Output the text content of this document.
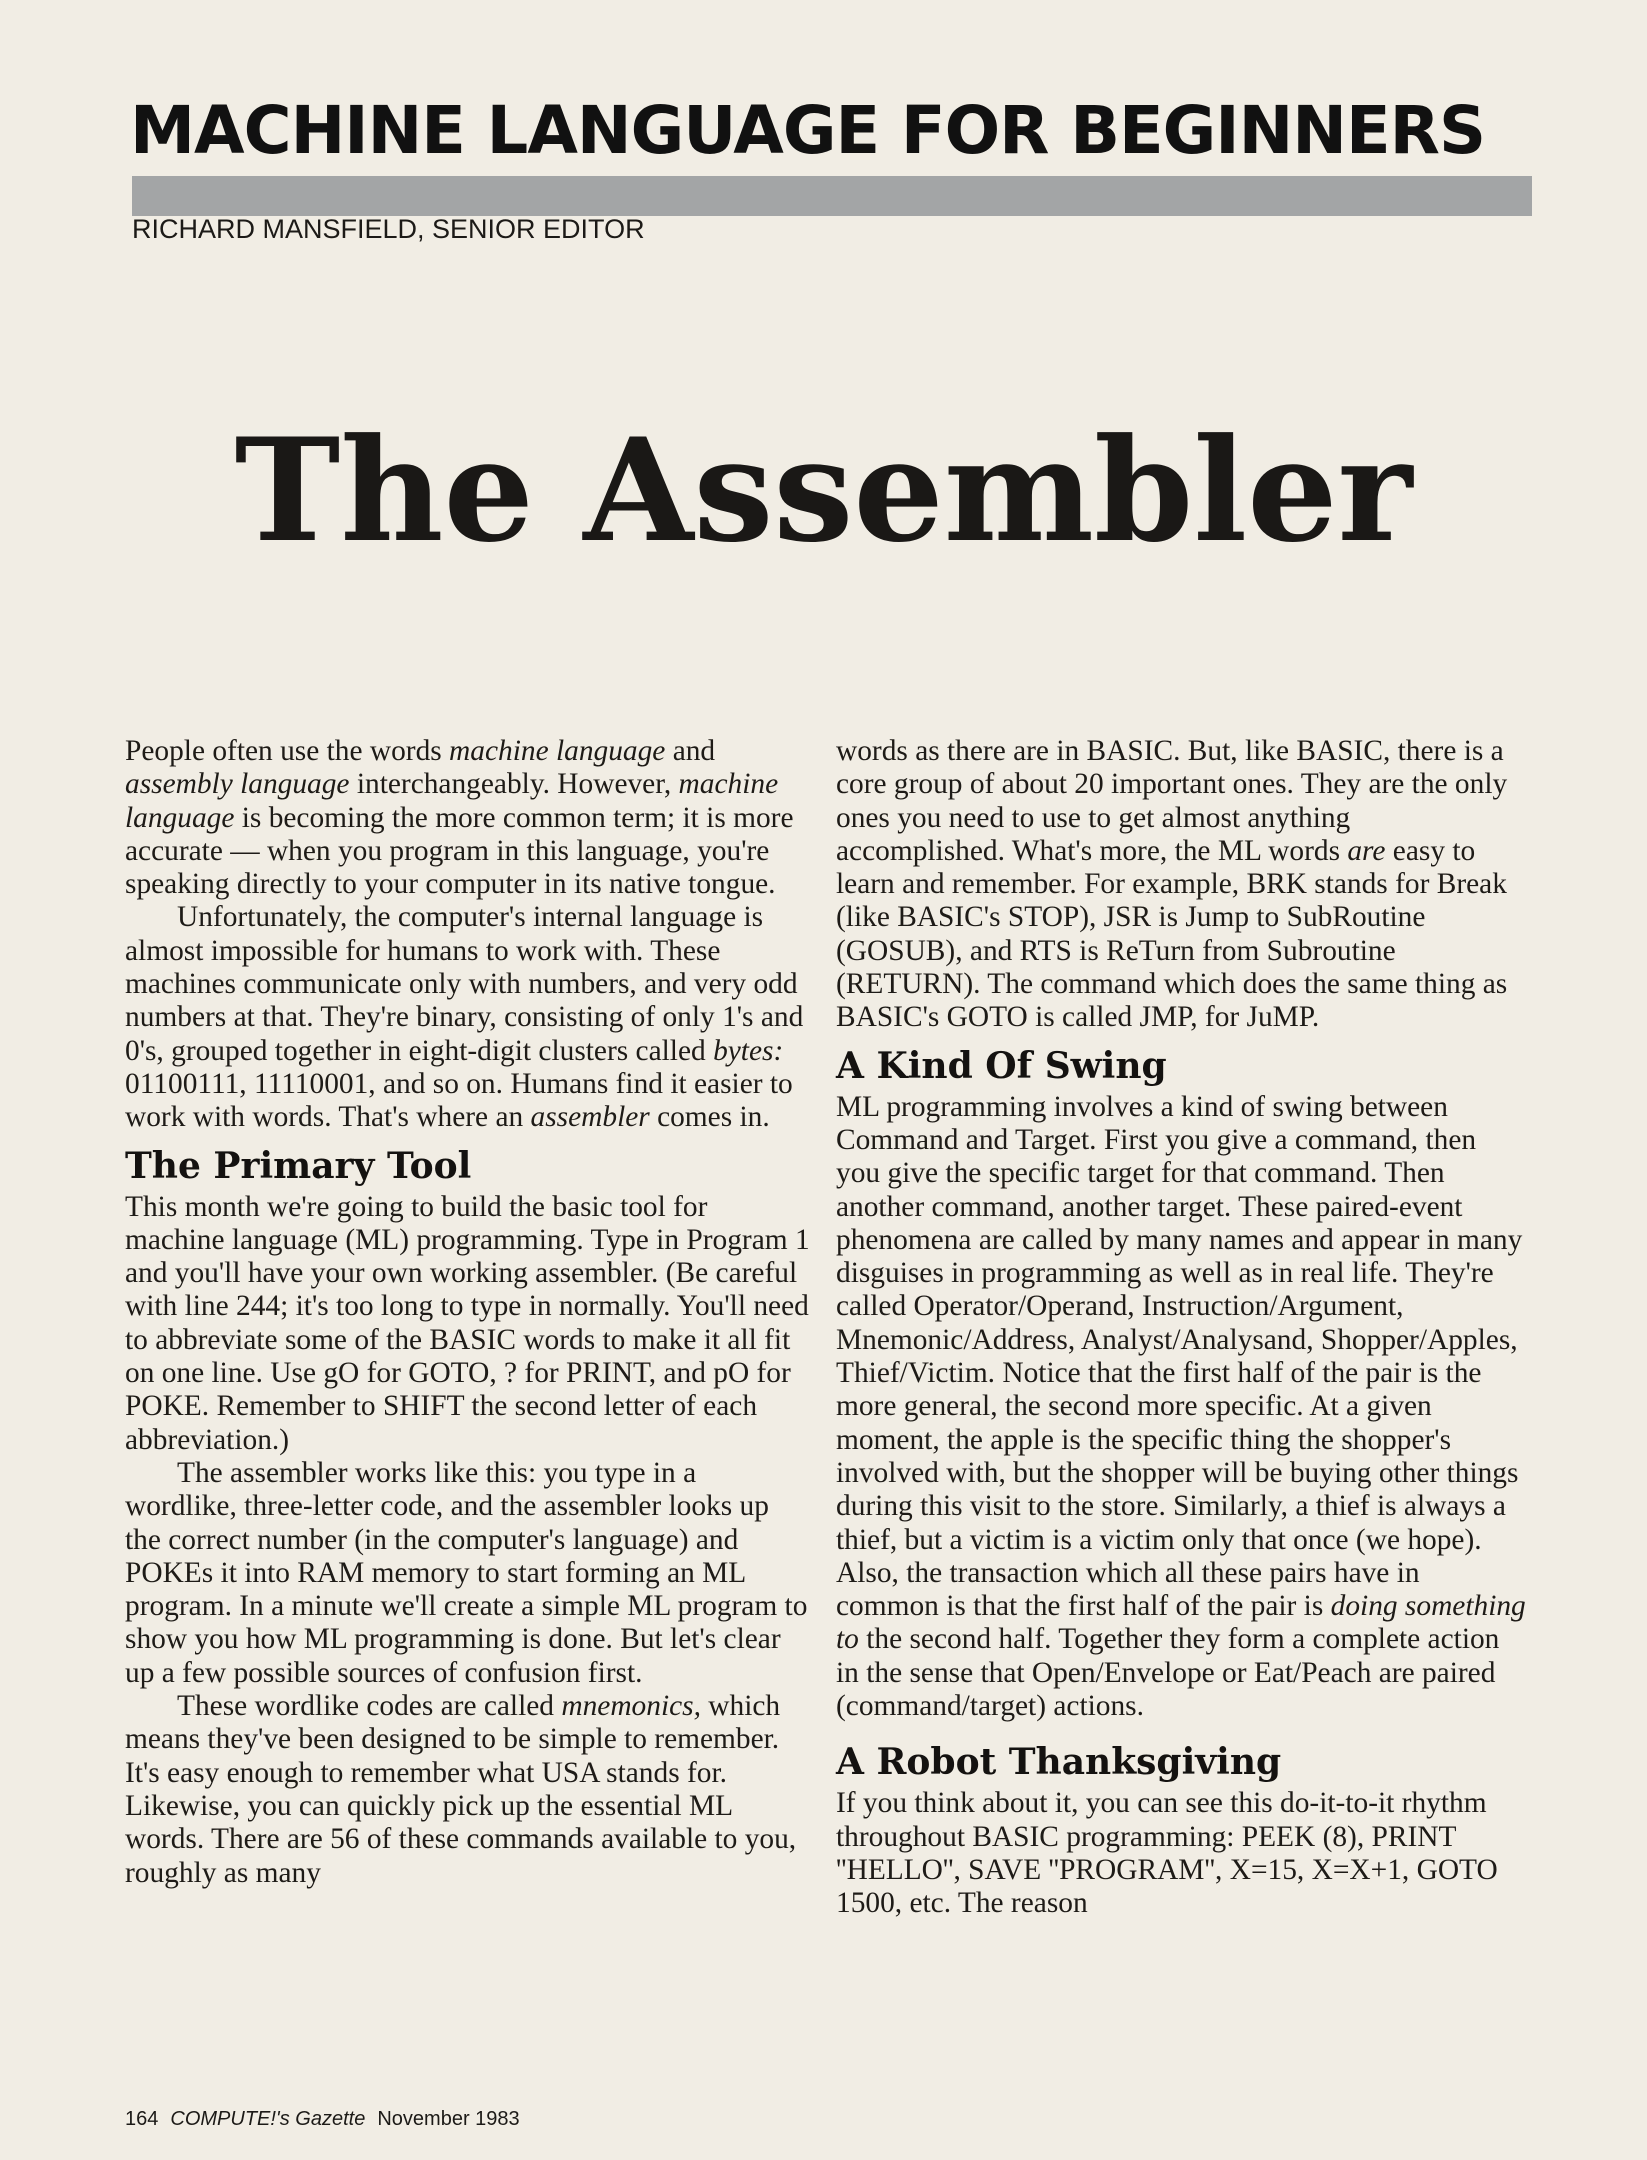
MACHINE LANGUAGE FOR BEGINNERS
RICHARD MANSFIELD, SENIOR EDITOR
The Assembler

People often use the words machine language and assembly language interchangeably. However, machine language is becoming the more common term; it is more accurate — when you program in this language, you're speaking directly to your computer in its native tongue.

Unfortunately, the computer's internal language is almost impossible for humans to work with. These machines communicate only with numbers, and very odd numbers at that. They're binary, consisting of only 1's and 0's, grouped together in eight-digit clusters called bytes: 01100111, 11110001, and so on. Humans find it easier to work with words. That's where an assembler comes in.

The Primary Tool

This month we're going to build the basic tool for machine language (ML) programming. Type in Program 1 and you'll have your own working assembler. (Be careful with line 244; it's too long to type in normally. You'll need to abbreviate some of the BASIC words to make it all fit on one line. Use gO for GOTO, ? for PRINT, and pO for POKE. Remember to SHIFT the second letter of each abbreviation.)

The assembler works like this: you type in a wordlike, three-letter code, and the assembler looks up the correct number (in the computer's language) and POKEs it into RAM memory to start forming an ML program. In a minute we'll create a simple ML program to show you how ML programming is done. But let's clear up a few possible sources of confusion first.

These wordlike codes are called mnemonics, which means they've been designed to be simple to remember. It's easy enough to remember what USA stands for. Likewise, you can quickly pick up the essential ML words. There are 56 of these commands available to you, roughly as many

words as there are in BASIC. But, like BASIC, there is a core group of about 20 important ones. They are the only ones you need to use to get almost anything accomplished. What's more, the ML words are easy to learn and remember. For example, BRK stands for Break (like BASIC's STOP), JSR is Jump to SubRoutine (GOSUB), and RTS is ReTurn from Subroutine (RETURN). The command which does the same thing as BASIC's GOTO is called JMP, for JuMP.

A Kind Of Swing

ML programming involves a kind of swing between Command and Target. First you give a command, then you give the specific target for that command. Then another command, another target. These paired-event phenomena are called by many names and appear in many disguises in programming as well as in real life. They're called Operator/Operand, Instruction/Argument, Mnemonic/Address, Analyst/Analysand, Shopper/Apples, Thief/Victim. Notice that the first half of the pair is the more general, the second more specific. At a given moment, the apple is the specific thing the shopper's involved with, but the shopper will be buying other things during this visit to the store. Similarly, a thief is always a thief, but a victim is a victim only that once (we hope). Also, the transaction which all these pairs have in common is that the first half of the pair is doing something to the second half. Together they form a complete action in the sense that Open/Envelope or Eat/Peach are paired (command/target) actions.

A Robot Thanksgiving

If you think about it, you can see this do-it-to-it rhythm throughout BASIC programming: PEEK (8), PRINT ''HELLO'', SAVE ''PROGRAM'', X=15, X=X+1, GOTO 1500, etc. The reason

164 COMPUTE!'s Gazette November 1983
